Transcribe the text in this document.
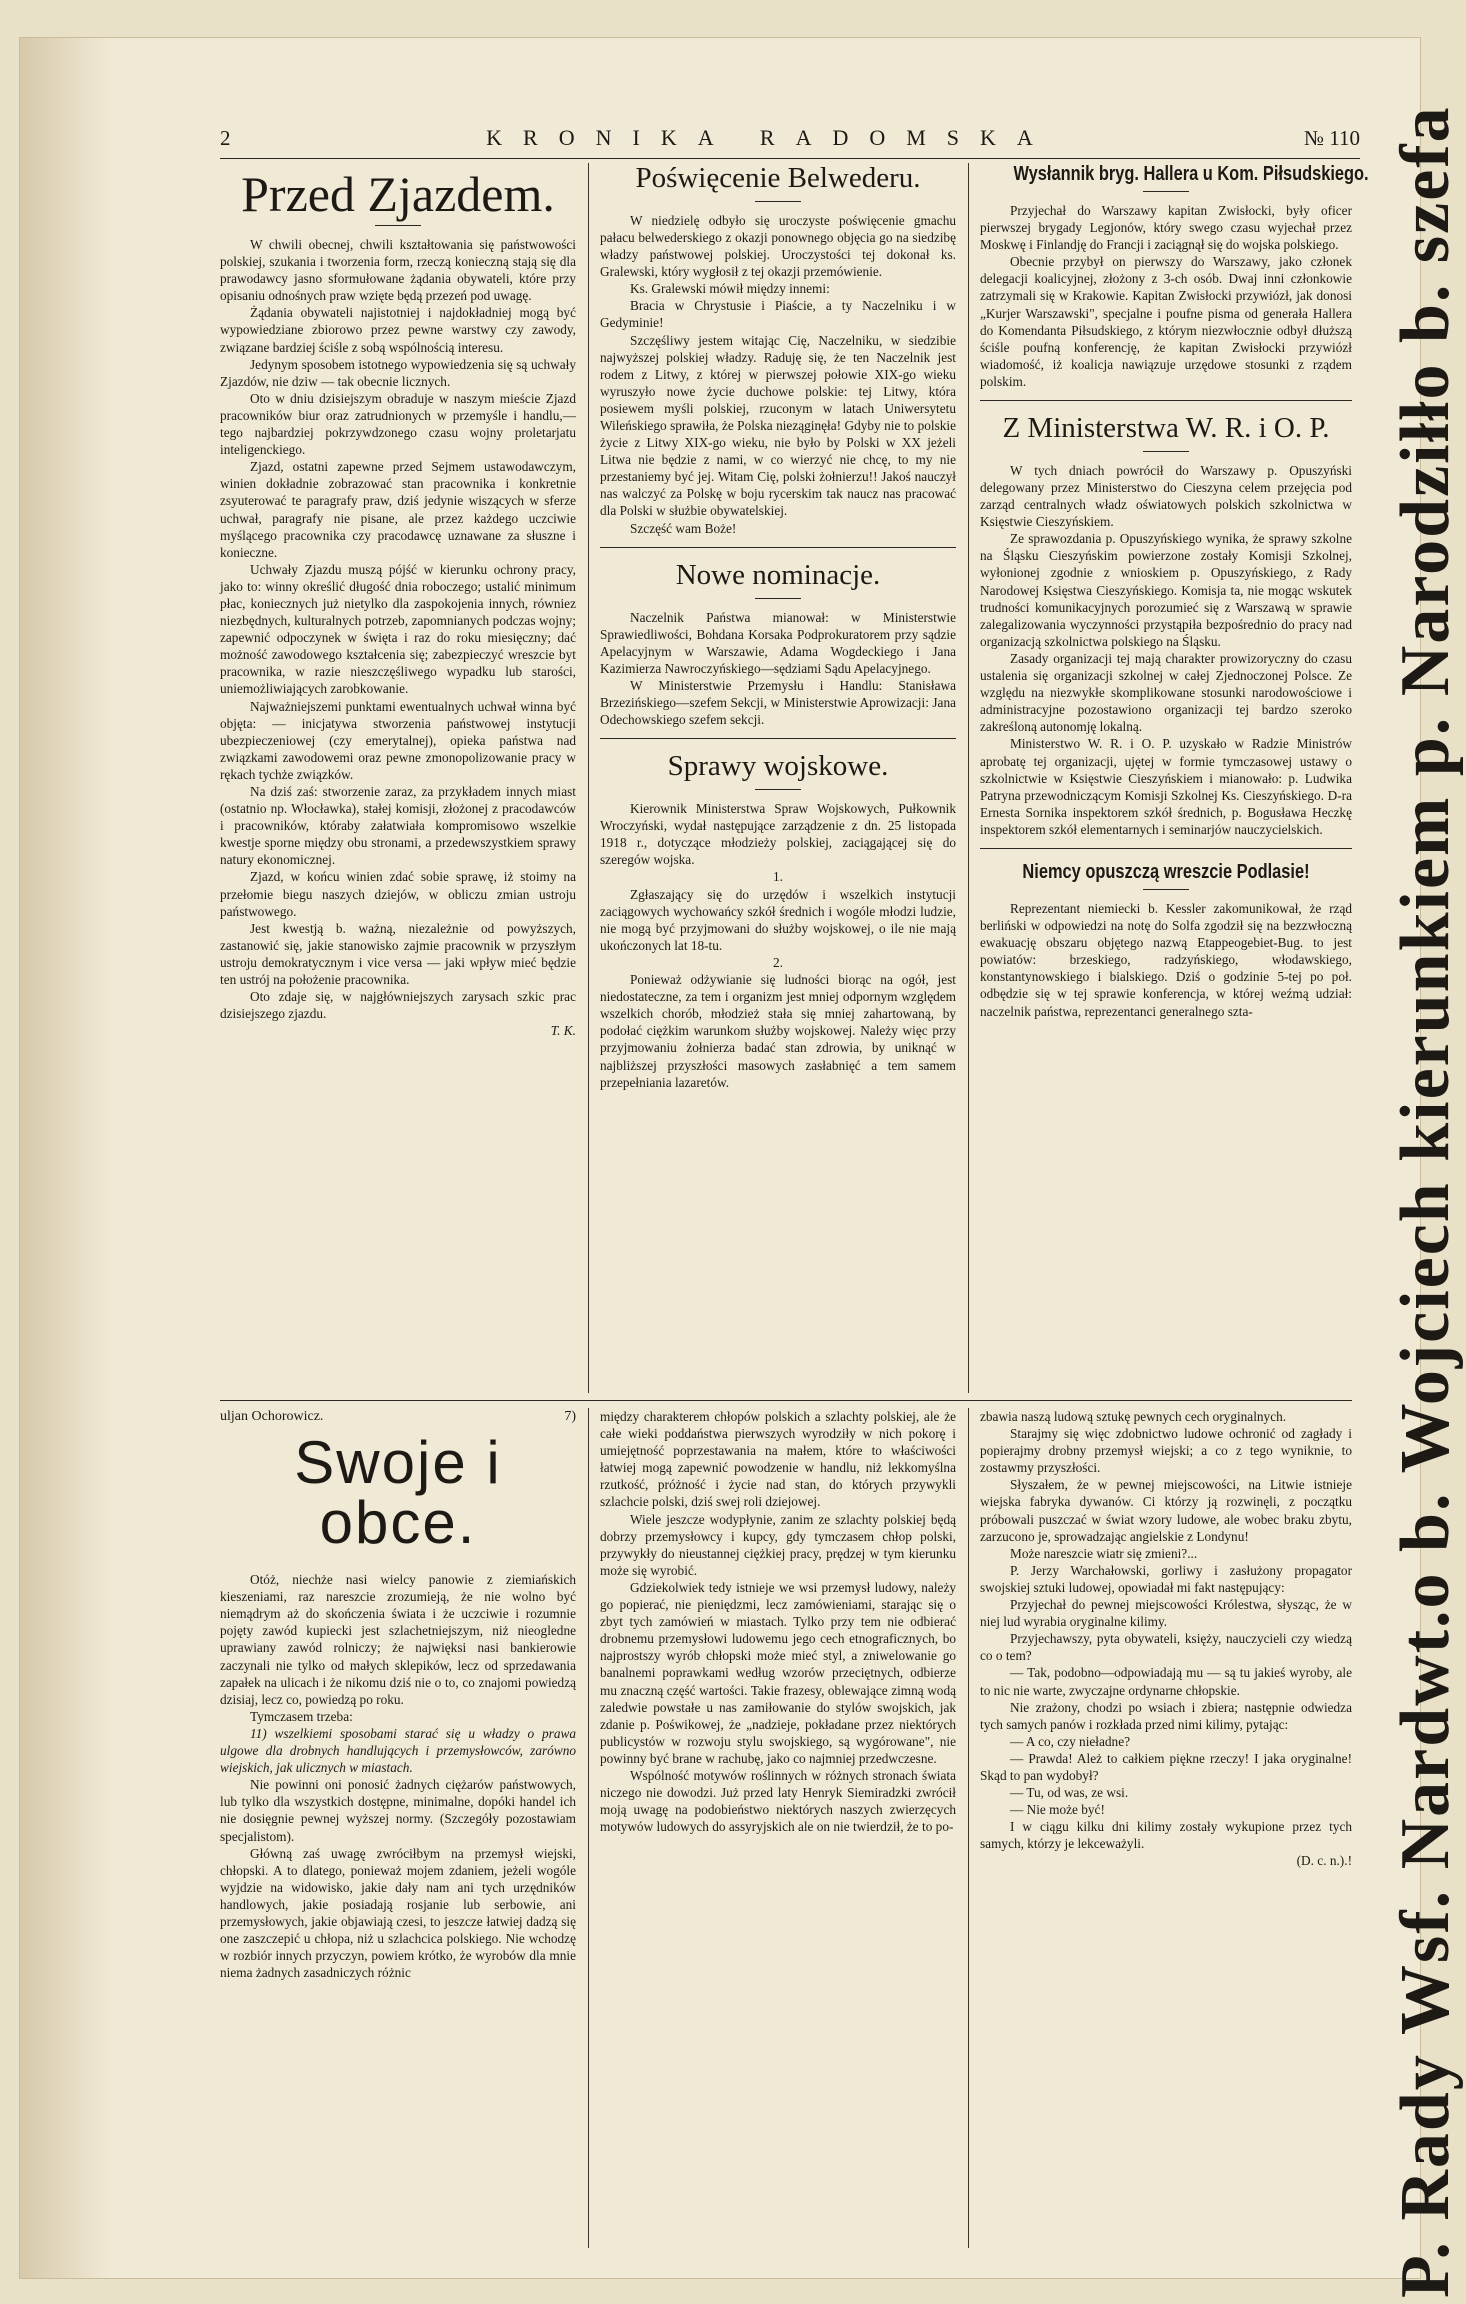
2	KRONIKA RADOMSKA	№ 110
Przed Zjazdem.

W chwili obecnej, chwili kształtowania się państwowości polskiej, szukania i tworzenia form, rzeczą konieczną stają się dla prawodawcy jasno sformułowane żądania obywateli, które przy opisaniu odnośnych praw wzięte będą przezeń pod uwagę.

Żądania obywateli najistotniej i najdokładniej mogą być wypowiedziane zbiorowo przez pewne warstwy czy zawody, związane bardziej ściśle z sobą wspólnością interesu.

Jedynym sposobem istotnego wypowiedzenia się są uchwały Zjazdów, nie dziw — tak obecnie licznych.

Oto w dniu dzisiejszym obraduje w naszym mieście Zjazd pracowników biur oraz zatrudnionych w przemyśle i handlu,—tego najbardziej pokrzywdzonego czasu wojny proletarjatu inteligenckiego.

Zjazd, ostatni zapewne przed Sejmem ustawodawczym, winien dokładnie zobrazować stan pracownika i konkretnie zsyuterować te paragrafy praw, dziś jedynie wiszących w sferze uchwał, paragrafy nie pisane, ale przez każdego uczciwie myślącego pracownika czy pracodawcę uznawane za słuszne i konieczne.

Uchwały Zjazdu muszą pójść w kierunku ochrony pracy, jako to: winny określić długość dnia roboczego; ustalić minimum płac, koniecznych już nietylko dla zaspokojenia innych, równiez niezbędnych, kulturalnych potrzeb, zapomnianych podczas wojny; zapewnić odpoczynek w święta i raz do roku miesięczny; dać możność zawodowego kształcenia się; zabezpieczyć wreszcie byt pracownika, w razie nieszczęśliwego wypadku lub starości, uniemożliwiających zarobkowanie.

Najważniejszemi punktami ewentualnych uchwał winna być objęta: — inicjatywa stworzenia państwowej instytucji ubezpieczeniowej (czy emerytalnej), opieka państwa nad związkami zawodowemi oraz pewne zmonopolizowanie pracy w rękach tychże związków.

Na dziś zaś: stworzenie zaraz, za przykładem innych miast (ostatnio np. Włocławka), stałej komisji, złożonej z pracodawców i pracowników, któraby załatwiała kompromisowo wszelkie kwestje sporne między obu stronami, a przedewszystkiem sprawy natury ekonomicznej.

Zjazd, w końcu winien zdać sobie sprawę, iż stoimy na przełomie biegu naszych dziejów, w obliczu zmian ustroju państwowego.

Jest kwestją b. ważną, niezależnie od powyższych, zastanowić się, jakie stanowisko zajmie pracownik w przyszłym ustroju demokratycznym i vice versa — jaki wpływ mieć będzie ten ustrój na położenie pracownika.

Oto zdaje się, w najgłówniejszych zarysach szkic prac dzisiejszego zjazdu.

T. K.

Poświęcenie Belwederu.

W niedzielę odbyło się uroczyste poświęcenie gmachu pałacu belwederskiego z okazji ponownego objęcia go na siedzibę władzy państwowej polskiej. Uroczystości tej dokonał ks. Gralewski, który wygłosił z tej okazji przemówienie.

Ks. Gralewski mówił między innemi:

Bracia w Chrystusie i Piaście, a ty Naczelniku i w Gedyminie!

Szczęśliwy jestem witając Cię, Naczelniku, w siedzibie najwyższej polskiej władzy. Raduję się, że ten Naczelnik jest rodem z Litwy, z której w pierwszej połowie XIX-go wieku wyruszyło nowe życie duchowe polskie: tej Litwy, która posiewem myśli polskiej, rzuconym w latach Uniwersytetu Wileńskiego sprawiła, że Polska nieząginęła! Gdyby nie to polskie życie z Litwy XIX-go wieku, nie było by Polski w XX jeżeli Litwa nie będzie z nami, w co wierzyć nie chcę, to my nie przestaniemy być jej. Witam Cię, polski żołnierzu!! Jakoś nauczył nas walczyć za Polskę w boju rycerskim tak naucz nas pracować dla Polski w służbie obywatelskiej.

Szczęść wam Boże!

Nowe nominacje.

Naczelnik Państwa mianował: w Ministerstwie Sprawiedliwości, Bohdana Korsaka Podprokuratorem przy sądzie Apelacyjnym w Warszawie, Adama Wogdeckiego i Jana Kazimierza Nawroczyńskiego—sędziami Sądu Apelacyjnego.

W Ministerstwie Przemysłu i Handlu: Stanisława Brzezińskiego—szefem Sekcji, w Ministerstwie Aprowizacji: Jana Odechowskiego szefem sekcji.

Sprawy wojskowe.

Kierownik Ministerstwa Spraw Wojskowych, Pułkownik Wroczyński, wydał następujące zarządzenie z dn. 25 listopada 1918 r., dotyczące młodzieży polskiej, zaciągającej się do szeregów wojska.

1.

Zgłaszający się do urzędów i wszelkich instytucji zaciągowych wychowańcy szkół średnich i wogóle młodzi ludzie, nie mogą być przyjmowani do służby wojskowej, o ile nie mają ukończonych lat 18-tu.

2.

Ponieważ odżywianie się ludności biorąc na ogół, jest niedostateczne, za tem i organizm jest mniej odpornym względem wszelkich chorób, młodzież stała się mniej zahartowaną, by podołać ciężkim warunkom służby wojskowej. Należy więc przy przyjmowaniu żołnierza badać stan zdrowia, by uniknąć w najbliższej przyszłości masowych zasłabnięć a tem samem przepełniania lazaretów.

Wysłannik bryg. Hallera u Kom. Piłsudskiego.

Przyjechał do Warszawy kapitan Zwisłocki, były oficer pierwszej brygady Legjonów, który swego czasu wyjechał przez Moskwę i Finlandję do Francji i zaciągnął się do wojska polskiego.

Obecnie przybył on pierwszy do Warszawy, jako członek delegacji koalicyjnej, złożony z 3-ch osób. Dwaj inni członkowie zatrzymali się w Krakowie. Kapitan Zwisłocki przywiózł, jak donosi „Kurjer Warszawski", specjalne i poufne pisma od generała Hallera do Komendanta Piłsudskiego, z którym niezwłocznie odbył dłuższą ściśle poufną konferencję, że kapitan Zwisłocki przywiózł wiadomość, iż koalicja nawiązuje urzędowe stosunki z rządem polskim.

Z Ministerstwa W. R. i O. P.

W tych dniach powrócił do Warszawy p. Opuszyński delegowany przez Ministerstwo do Cieszyna celem przejęcia pod zarząd centralnych władz oświatowych polskich szkolnictwa w Księstwie Cieszyńskiem.

Ze sprawozdania p. Opuszyńskiego wynika, że sprawy szkolne na Śląsku Cieszyńskim powierzone zostały Komisji Szkolnej, wyłonionej zgodnie z wnioskiem p. Opuszyńskiego, z Rady Narodowej Księstwa Cieszyńskiego. Komisja ta, nie mogąc wskutek trudności komunikacyjnych porozumieć się z Warszawą w sprawie zalegalizowania wyczynności przystąpiła bezpośrednio do pracy nad organizacją szkolnictwa polskiego na Śląsku.

Zasady organizacji tej mają charakter prowizoryczny do czasu ustalenia się organizacji szkolnej w całej Zjednoczonej Polsce. Ze względu na niezwykłe skomplikowane stosunki narodowościowe i administracyjne pozostawiono organizacji tej bardzo szeroko zakreśloną autonomję lokalną.

Ministerstwo W. R. i O. P. uzyskało w Radzie Ministrów aprobatę tej organizacji, ujętej w formie tymczasowej ustawy o szkolnictwie w Księstwie Cieszyńskiem i mianowało: p. Ludwika Patryna przewodniczącym Komisji Szkolnej Ks. Cieszyńskiego. D-ra Ernesta Sornika inspektorem szkół średnich, p. Bogusława Heczkę inspektorem szkół elementarnych i seminarjów nauczycielskich.

Niemcy opuszczą wreszcie Podlasie!

Reprezentant niemiecki b. Kessler zakomunikował, że rząd berliński w odpowiedzi na notę do Solfa zgodził się na bezzwłoczną ewakuację obszaru objętego nazwą Etappeogebiet-Bug. to jest powiatów: brzeskiego, radzyńskiego, włodawskiego, konstantynowskiego i bialskiego. Dziś o godzinie 5-tej po poł. odbędzie się w tej sprawie konferencja, w której weźmą udział: naczelnik państwa, reprezentanci generalnego szta-

uljan Ochorowicz.	7)
Swoje i obce.

Otóż, niechże nasi wielcy panowie z ziemiańskich kieszeniami, raz nareszcie zrozumieją, że nie wolno być niemądrym aż do skończenia świata i że uczciwie i rozumnie pojęty zawód kupiecki jest szlachetniejszym, niż nieogledne uprawiany zawód rolniczy; że najwięksi nasi bankierowie zaczynali nie tylko od małych sklepików, lecz od sprzedawania zapałek na ulicach i że nikomu dziś nie o to, co znajomi powiedzą dzisiaj, lecz co, powiedzą po roku.

Tymczasem trzeba:

11) wszelkiemi sposobami starać się u władzy o prawa ulgowe dla drobnych handlujących i przemysłowców, zarówno wiejskich, jak ulicznych w miastach.

Nie powinni oni ponosić żadnych ciężarów państwowych, lub tylko dla wszystkich dostępne, minimalne, dopóki handel ich nie dosięgnie pewnej wyższej normy. (Szczegóły pozostawiam specjalistom).

Główną zaś uwagę zwróciłbym na przemysł wiejski, chłopski. A to dlatego, ponieważ mojem zdaniem, jeżeli wogóle wyjdzie na widowisko, jakie dały nam ani tych urzędników handlowych, jakie posiadają rosjanie lub serbowie, ani przemysłowych, jakie objawiają czesi, to jeszcze łatwiej dadzą się one zaszczepić u chłopa, niż u szlachcica polskiego. Nie wchodzę w rozbiór innych przyczyn, powiem krótko, że wyrobów dla mnie niema żadnych zasadniczych różnic

między charakterem chłopów polskich a szlachty polskiej, ale że całe wieki poddaństwa pierwszych wyrodziły w nich pokorę i umiejętność poprzestawania na małem, które to właściwości łatwiej mogą zapewnić powodzenie w handlu, niż lekkomyślna rzutkość, próżność i życie nad stan, do których przywykli szlachcie polski, dziś swej roli dziejowej.

Wiele jeszcze wodypłynie, zanim ze szlachty polskiej będą dobrzy przemysłowcy i kupcy, gdy tymczasem chłop polski, przywykły do nieustannej ciężkiej pracy, prędzej w tym kierunku może się wyrobić.

Gdziekolwiek tedy istnieje we wsi przemysł ludowy, należy go popierać, nie pieniędzmi, lecz zamówieniami, starając się o zbyt tych zamówień w miastach. Tylko przy tem nie odbierać drobnemu przemysłowi ludowemu jego cech etnograficznych, bo najprostszy wyrób chłopski może mieć styl, a zniwelowanie go banalnemi poprawkami według wzorów przeciętnych, odbierze mu znaczną część wartości. Takie frazesy, oblewające zimną wodą zaledwie powstałe u nas zamiłowanie do stylów swojskich, jak zdanie p. Poświkowej, że „nadzieje, pokładane przez niektórych publicystów w rozwoju stylu swojskiego, są wygórowane", nie powinny być brane w rachubę, jako co najmniej przedwczesne.

Wspólność motywów roślinnych w różnych stronach świata niczego nie dowodzi. Już przed laty Henryk Siemiradzki zwrócił moją uwagę na podobieństwo niektórych naszych zwierzęcych motywów ludowych do assyryjskich ale on nie twierdził, że to po-

zbawia naszą ludową sztukę pewnych cech oryginalnych.

Starajmy się więc zdobnictwo ludowe ochronić od zagłady i popierajmy drobny przemysł wiejski; a co z tego wyniknie, to zostawmy przyszłości.

Słyszałem, że w pewnej miejscowości, na Litwie istnieje wiejska fabryka dywanów. Ci którzy ją rozwinęli, z początku próbowali puszczać w świat wzory ludowe, ale wobec braku zbytu, zarzucono je, sprowadzając angielskie z Londynu!

Może nareszcie wiatr się zmieni?...

P. Jerzy Warchałowski, gorliwy i zasłużony propagator swojskiej sztuki ludowej, opowiadał mi fakt następujący:

Przyjechał do pewnej miejscowości Królestwa, słysząc, że w niej lud wyrabia oryginalne kilimy.

Przyjechawszy, pyta obywateli, księży, nauczycieli czy wiedzą co o tem?

— Tak, podobno—odpowiadają mu — są tu jakieś wyroby, ale to nic nie warte, zwyczajne ordynarne chłopskie.

Nie zrażony, chodzi po wsiach i zbiera; następnie odwiedza tych samych panów i rozkłada przed nimi kilimy, pytając:

— A co, czy nieładne?

— Prawda! Ależ to całkiem piękne rzeczy! I jaka oryginalne! Skąd to pan wydobył?

— Tu, od was, ze wsi.

— Nie może być!

I w ciągu kilku dni kilimy zostały wykupione przez tych samych, którzy je lekceważyli.

(D. c. n.).! P. Rady Wsf. Nardwt.o b. Wojciech kierunkiem p. Narodziłło b. szefa
